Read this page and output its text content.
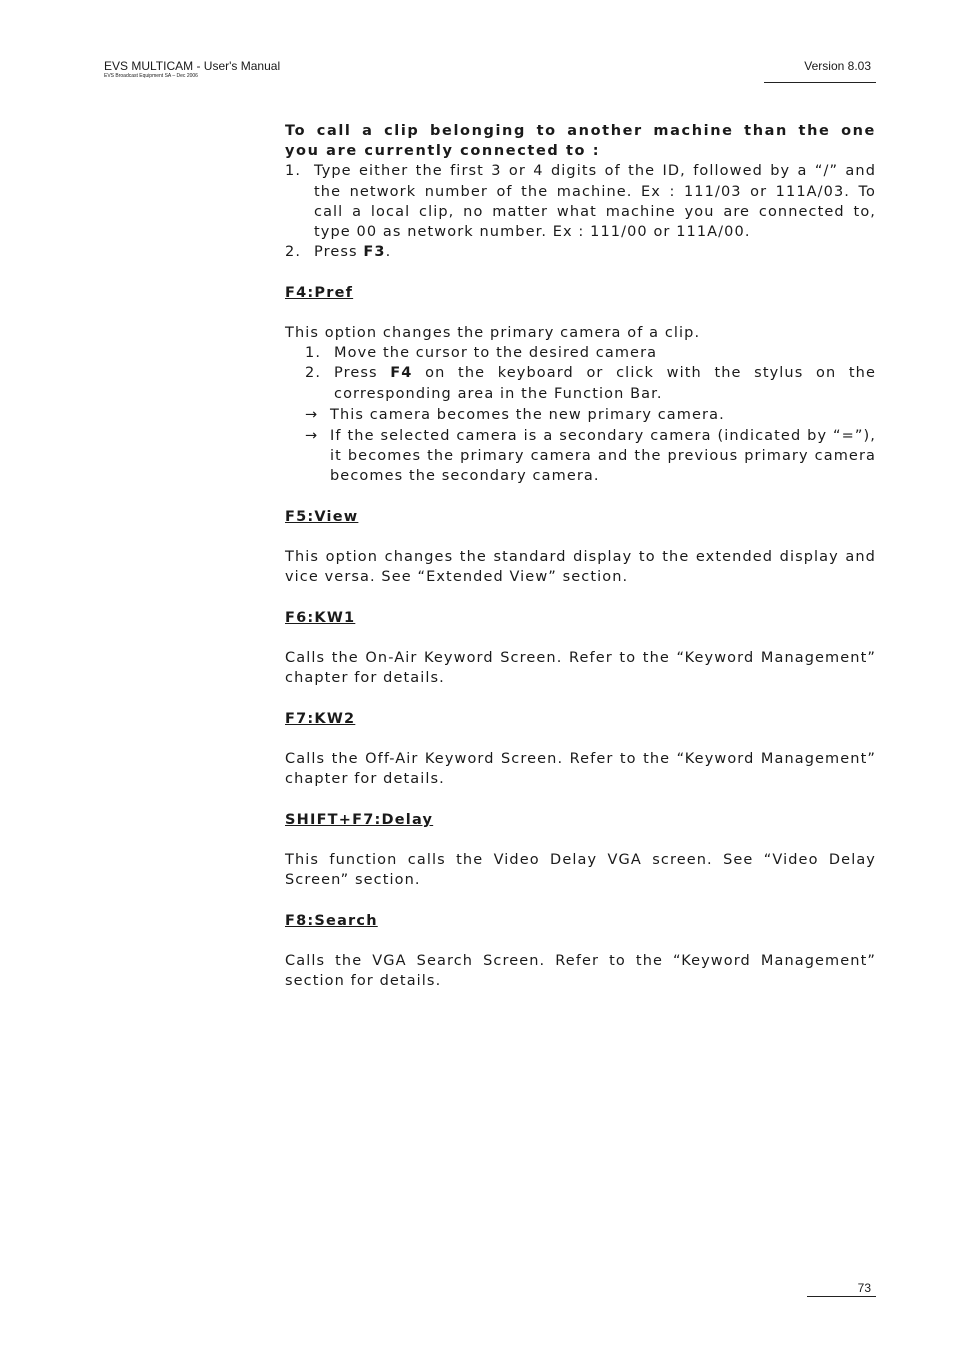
EVS MULTICAM - User's Manual
EVS Broadcast Equipment SA – Dec 2006
Version 8.03

To call a clip belonging to another machine than the one you are currently connected to :

1. Type either the first 3 or 4 digits of the ID, followed by a “/” and the network number of the machine. Ex : 111/03 or 111A/03. To call a local clip, no matter what machine you are connected to, type 00 as network number. Ex : 111/00 or 111A/00.
2. Press F3.

F4:Pref

This option changes the primary camera of a clip.

1. Move the cursor to the desired camera
2. Press F4 on the keyboard or click with the stylus on the corresponding area in the Function Bar.
→ This camera becomes the new primary camera.
→ If the selected camera is a secondary camera (indicated by “=”), it becomes the primary camera and the previous primary camera becomes the secondary camera.

F5:View

This option changes the standard display to the extended display and vice versa. See “Extended View” section.

F6:KW1

Calls the On-Air Keyword Screen. Refer to the “Keyword Management” chapter for details.

F7:KW2

Calls the Off-Air Keyword Screen. Refer to the “Keyword Management” chapter for details.

SHIFT+F7:Delay

This function calls the Video Delay VGA screen. See “Video Delay Screen” section.

F8:Search

Calls the VGA Search Screen. Refer to the “Keyword Management” section for details.

73
